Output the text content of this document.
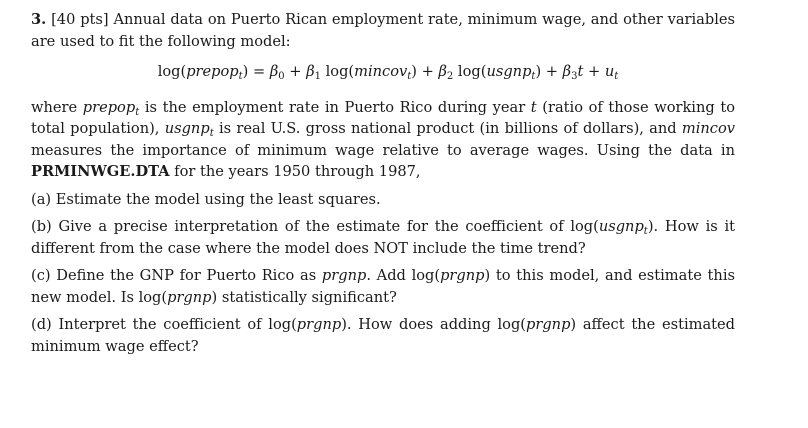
3. [40 pts] Annual data on Puerto Rican employment rate, minimum wage, and other variables are used to fit the following model:

log(prepop$_t$) = $\beta_0 + \beta_1$ log(mincov$_t$) + $\beta_2$ log(usgnp$_t$) + $\beta_3t + u_t$

where prepop$_t$ is the employment rate in Puerto Rico during year t (ratio of those working to total population), usgnp$_t$ is real U.S. gross national product (in billions of dollars), and mincov measures the importance of minimum wage relative to average wages. Using the data in PRMINWGE.DTA for the years 1950 through 1987,

(a) Estimate the model using the least squares.

(b) Give a precise interpretation of the estimate for the coefficient of log(usgnp$_t$). How is it different from the case where the model does NOT include the time trend?

(c) Define the GNP for Puerto Rico as prgnp. Add log(prgnp) to this model, and estimate this new model. Is log(prgnp) statistically significant?

(d) Interpret the coefficient of log(prgnp). How does adding log(prgnp) affect the estimated minimum wage effect?
